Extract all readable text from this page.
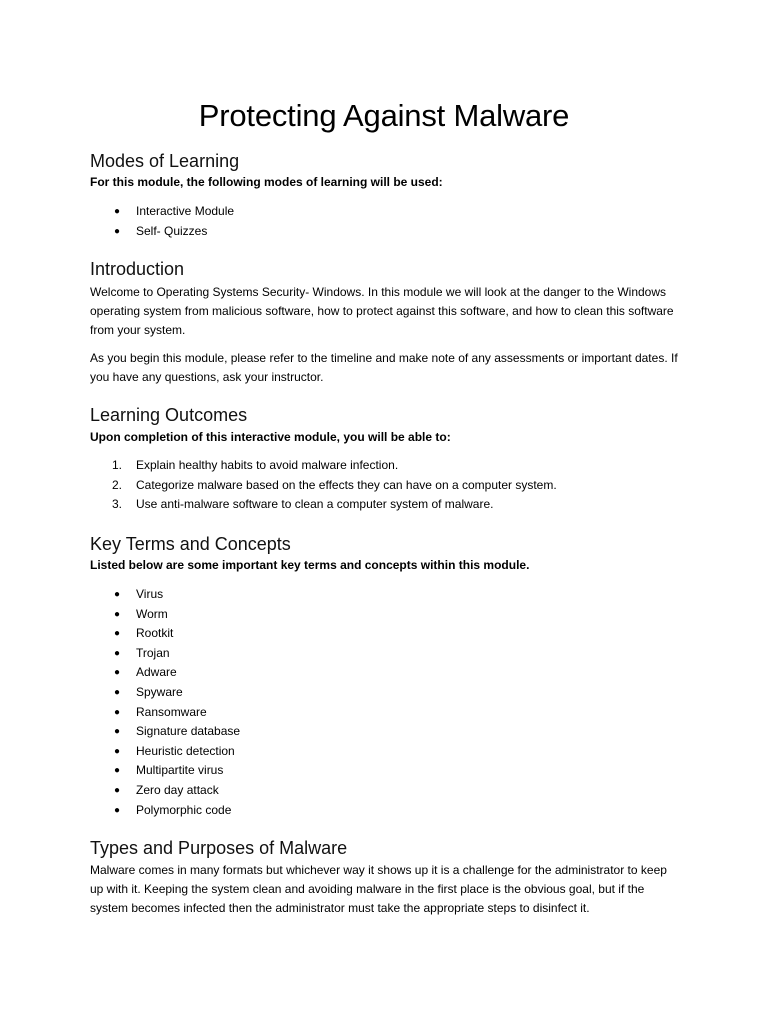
Protecting Against Malware
Modes of Learning

For this module, the following modes of learning will be used:

● Interactive Module
● Self- Quizzes
Introduction

Welcome to Operating Systems Security- Windows. In this module we will look at the danger to the Windows operating system from malicious software, how to protect against this software, and how to clean this software from your system.

As you begin this module, please refer to the timeline and make note of any assessments or important dates. If you have any questions, ask your instructor.

Learning Outcomes

Upon completion of this interactive module, you will be able to:

1. Explain healthy habits to avoid malware infection.
2. Categorize malware based on the effects they can have on a computer system.
3. Use anti-malware software to clean a computer system of malware.
Key Terms and Concepts

Listed below are some important key terms and concepts within this module.

● Virus
● Worm
● Rootkit
● Trojan
● Adware
● Spyware
● Ransomware
● Signature database
● Heuristic detection
● Multipartite virus
● Zero day attack
● Polymorphic code
Types and Purposes of Malware

Malware comes in many formats but whichever way it shows up it is a challenge for the administrator to keep up with it. Keeping the system clean and avoiding malware in the first place is the obvious goal, but if the system becomes infected then the administrator must take the appropriate steps to disinfect it.
